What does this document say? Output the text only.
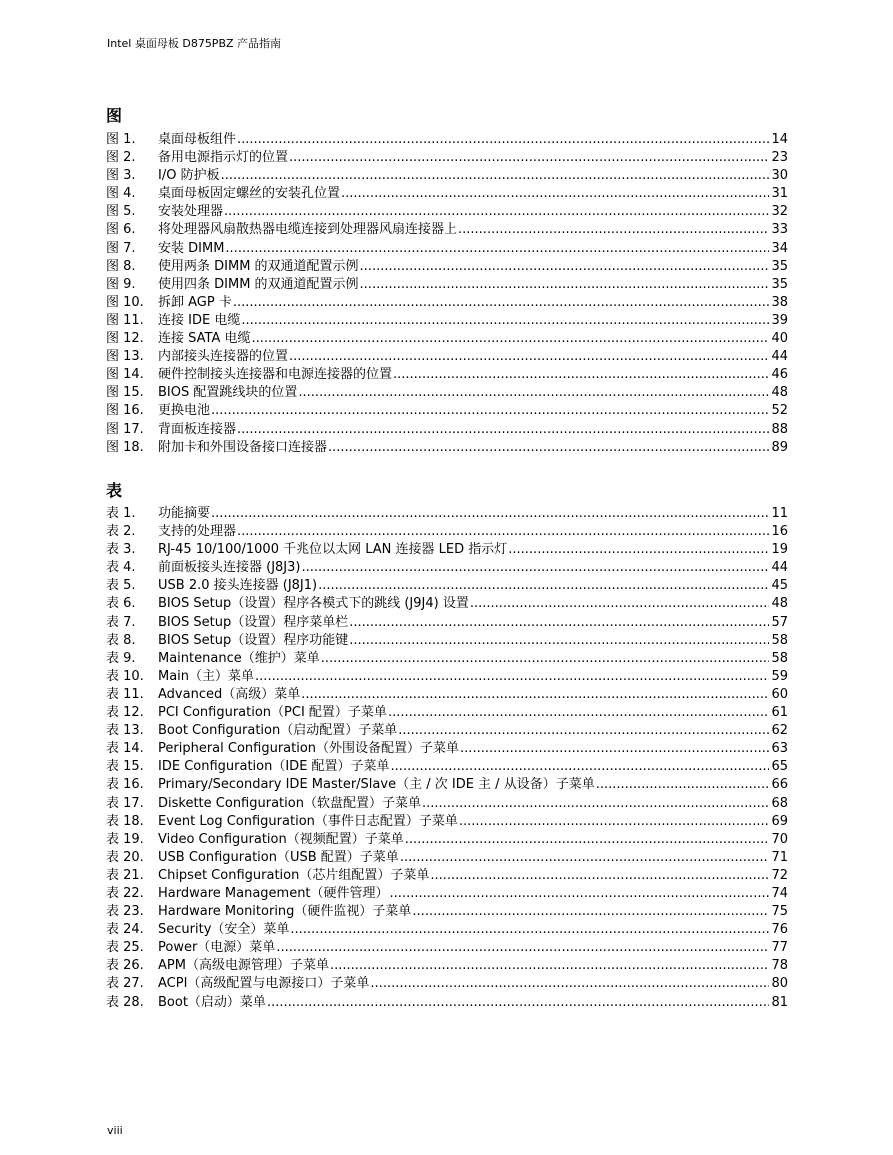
Intel 桌面母板 D875PBZ 产品指南
图
图 1.	桌面母板组件 .....	14
图 2.	备用电源指示灯的位置 .....	23
图 3.	I/O 防护板 .....	30
图 4.	桌面母板固定螺丝的安装孔位置 .....	31
图 5.	安装处理器 .....	32
图 6.	将处理器风扇散热器电缆连接到处理器风扇连接器上 .....	33
图 7.	安装 DIMM .....	34
图 8.	使用两条 DIMM 的双通道配置示例 .....	35
图 9.	使用四条 DIMM 的双通道配置示例 .....	35
图 10.	拆卸 AGP 卡 .....	38
图 11.	连接 IDE 电缆 .....	39
图 12.	连接 SATA 电缆 .....	40
图 13.	内部接头连接器的位置 .....	44
图 14.	硬件控制接头连接器和电源连接器的位置 .....	46
图 15.	BIOS 配置跳线块的位置 .....	48
图 16.	更换电池 .....	52
图 17.	背面板连接器 .....	88
图 18.	附加卡和外围设备接口连接器 .....	89
表
表 1.	功能摘要 .....	11
表 2.	支持的处理器 .....	16
表 3.	RJ-45 10/100/1000 千兆位以太网 LAN 连接器 LED 指示灯 .....	19
表 4.	前面板接头连接器 (J8J3) .....	44
表 5.	USB 2.0 接头连接器 (J8J1) .....	45
表 6.	BIOS Setup（设置）程序各模式下的跳线 (J9J4) 设置 .....	48
表 7.	BIOS Setup（设置）程序菜单栏 .....	57
表 8.	BIOS Setup（设置）程序功能键 .....	58
表 9.	Maintenance（维护）菜单 .....	58
表 10.	Main（主）菜单 .....	59
表 11.	Advanced（高级）菜单 .....	60
表 12.	PCI Configuration（PCI 配置）子菜单 .....	61
表 13.	Boot Configuration（启动配置）子菜单 .....	62
表 14.	Peripheral Configuration（外围设备配置）子菜单 .....	63
表 15.	IDE Configuration（IDE 配置）子菜单 .....	65
表 16.	Primary/Secondary IDE Master/Slave（主 / 次 IDE 主 / 从设备）子菜单 .....	66
表 17.	Diskette Configuration（软盘配置）子菜单 .....	68
表 18.	Event Log Configuration（事件日志配置）子菜单 .....	69
表 19.	Video Configuration（视频配置）子菜单 .....	70
表 20.	USB Configuration（USB 配置）子菜单 .....	71
表 21.	Chipset Configuration（芯片组配置）子菜单 .....	72
表 22.	Hardware Management（硬件管理） .....	74
表 23.	Hardware Monitoring（硬件监视）子菜单 .....	75
表 24.	Security（安全）菜单 .....	76
表 25.	Power（电源）菜单 .....	77
表 26.	APM（高级电源管理）子菜单 .....	78
表 27.	ACPI（高级配置与电源接口）子菜单 .....	80
表 28.	Boot（启动）菜单 .....	81
viii
